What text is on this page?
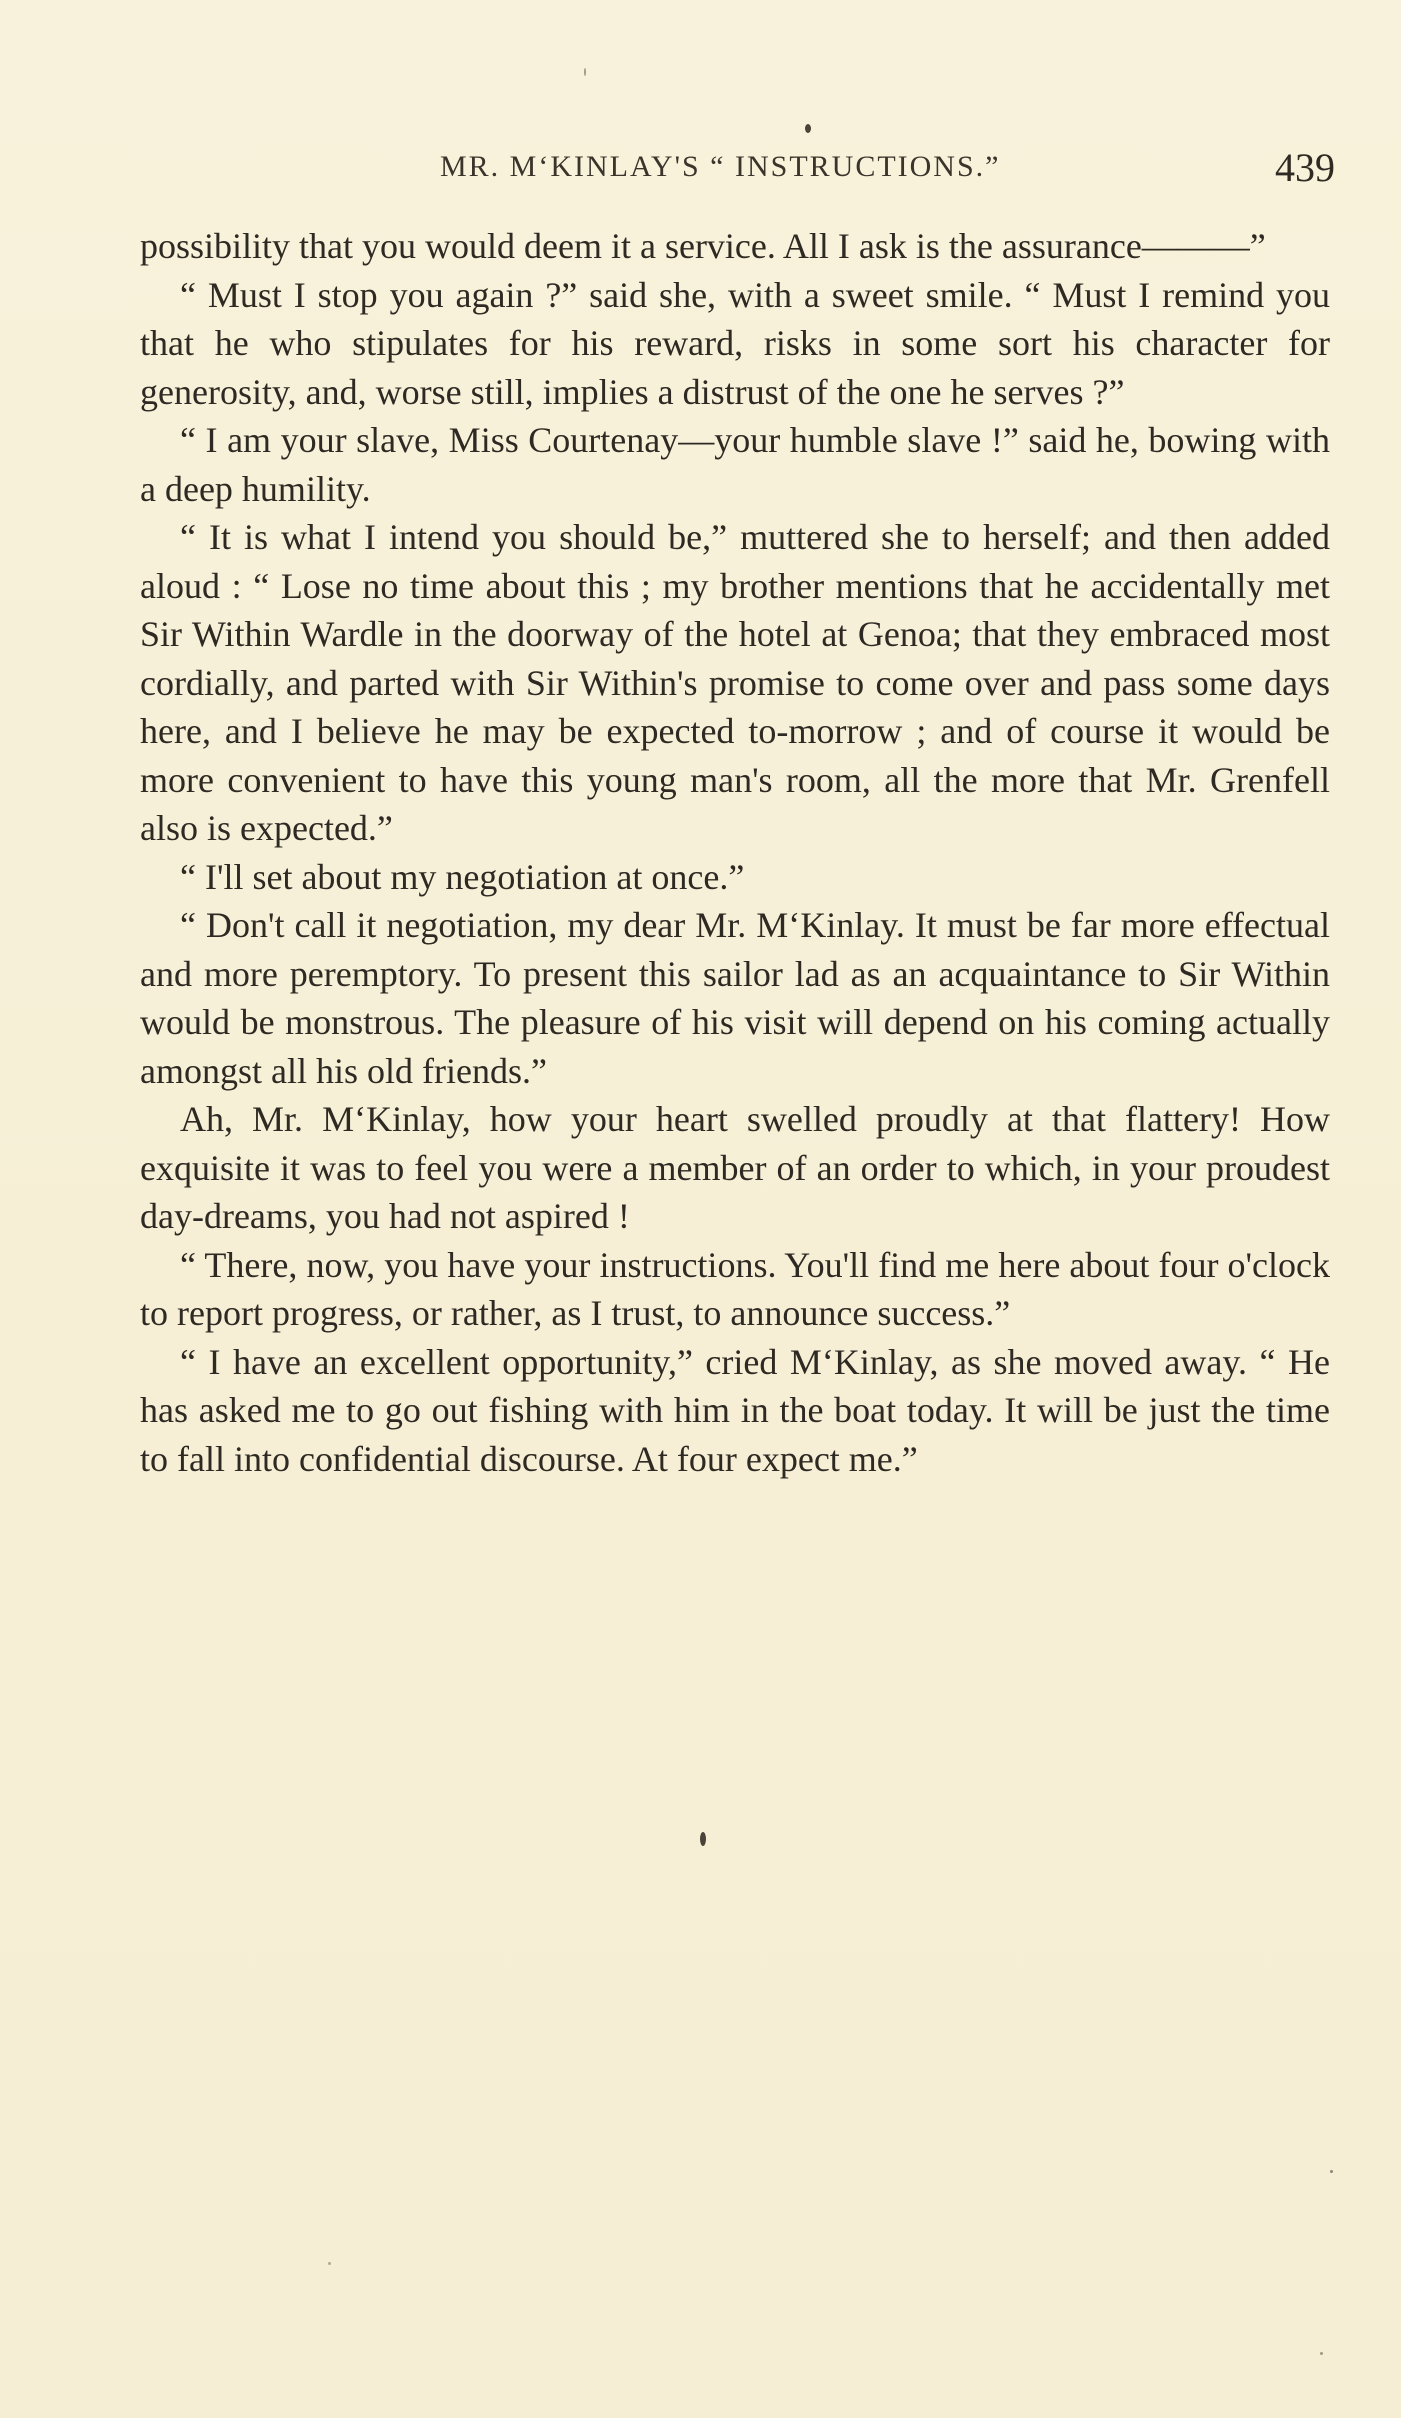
MR. M‘KINLAY'S “ INSTRUCTIONS.”	439

possibility that you would deem it a service. All I ask is the assurance———”

“ Must I stop you again ?” said she, with a sweet smile. “ Must I remind you that he who stipulates for his reward, risks in some sort his character for generosity, and, worse still, implies a distrust of the one he serves ?”

“ I am your slave, Miss Courtenay—your humble slave !” said he, bowing with a deep humility.

“ It is what I intend you should be,” muttered she to herself; and then added aloud : “ Lose no time about this ; my brother mentions that he accidentally met Sir Within Wardle in the doorway of the hotel at Genoa; that they embraced most cordially, and parted with Sir Within's promise to come over and pass some days here, and I believe he may be expected to-morrow ; and of course it would be more convenient to have this young man's room, all the more that Mr. Grenfell also is expected.”

“ I'll set about my negotiation at once.”

“ Don't call it negotiation, my dear Mr. M‘Kinlay. It must be far more effectual and more peremptory. To present this sailor lad as an acquaintance to Sir Within would be monstrous. The pleasure of his visit will depend on his coming actually amongst all his old friends.”

Ah, Mr. M‘Kinlay, how your heart swelled proudly at that flattery! How exquisite it was to feel you were a member of an order to which, in your proudest day-dreams, you had not aspired !

“ There, now, you have your instructions. You'll find me here about four o'clock to report progress, or rather, as I trust, to announce success.”

“ I have an excellent opportunity,” cried M‘Kinlay, as she moved away. “ He has asked me to go out fishing with him in the boat today. It will be just the time to fall into confidential discourse. At four expect me.”
